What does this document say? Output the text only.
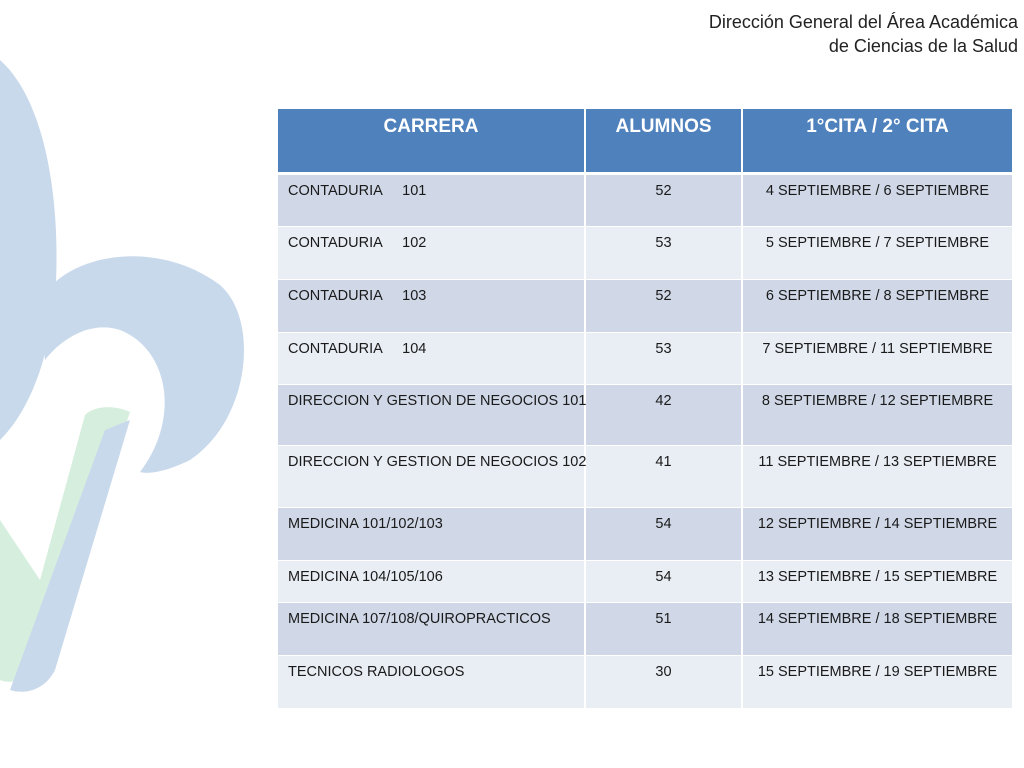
Dirección General del Área Académica
de Ciencias de la Salud
CARRERA	ALUMNOS	1°CITA / 2° CITA
CONTADURIA     101	52	4 SEPTIEMBRE / 6 SEPTIEMBRE
CONTADURIA     102	53	5 SEPTIEMBRE / 7 SEPTIEMBRE
CONTADURIA     103	52	6 SEPTIEMBRE / 8 SEPTIEMBRE
CONTADURIA     104	53	7 SEPTIEMBRE / 11 SEPTIEMBRE
DIRECCION Y GESTION DE NEGOCIOS 101	42	8 SEPTIEMBRE / 12 SEPTIEMBRE
DIRECCION Y GESTION DE NEGOCIOS 102	41	11 SEPTIEMBRE / 13 SEPTIEMBRE
MEDICINA 101/102/103	54	12 SEPTIEMBRE / 14 SEPTIEMBRE
MEDICINA 104/105/106	54	13 SEPTIEMBRE / 15 SEPTIEMBRE
MEDICINA 107/108/QUIROPRACTICOS	51	14 SEPTIEMBRE / 18 SEPTIEMBRE
TECNICOS RADIOLOGOS	30	15 SEPTIEMBRE / 19 SEPTIEMBRE
